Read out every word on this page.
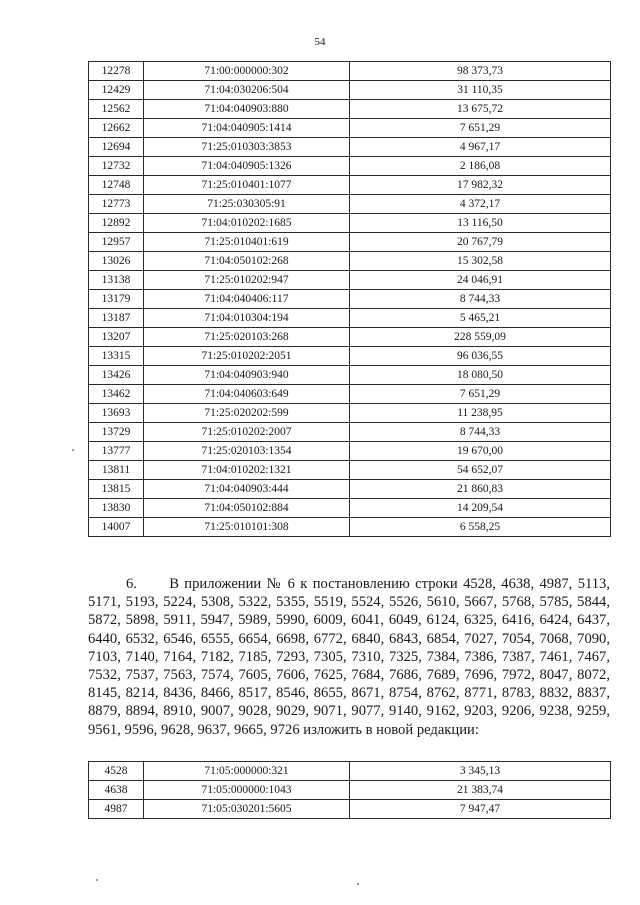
54
12278	71:00:000000:302	98 373,73
12429	71:04:030206:504	31 110,35
12562	71:04:040903:880	13 675,72
12662	71:04:040905:1414	7 651,29
12694	71:25:010303:3853	4 967,17
12732	71:04:040905:1326	2 186,08
12748	71:25:010401:1077	17 982,32
12773	71:25:030305:91	4 372,17
12892	71:04:010202:1685	13 116,50
12957	71:25:010401:619	20 767,79
13026	71:04:050102:268	15 302,58
13138	71:25:010202:947	24 046,91
13179	71:04:040406:117	8 744,33
13187	71:04:010304:194	5 465,21
13207	71:25:020103:268	228 559,09
13315	71:25:010202:2051	96 036,55
13426	71:04:040903:940	18 080,50
13462	71:04:040603:649	7 651,29
13693	71:25:020202:599	11 238,95
13729	71:25:010202:2007	8 744,33
13777	71:25:020103:1354	19 670,00
13811	71:04:010202:1321	54 652,07
13815	71:04:040903:444	21 860,83
13830	71:04:050102:884	14 209,54
14007	71:25:010101:308	6 558,25

6. В приложении № 6 к постановлению строки 4528, 4638, 4987, 5113, 5171, 5193, 5224, 5308, 5322, 5355, 5519, 5524, 5526, 5610, 5667, 5768, 5785, 5844, 5872, 5898, 5911, 5947, 5989, 5990, 6009, 6041, 6049, 6124, 6325, 6416, 6424, 6437, 6440, 6532, 6546, 6555, 6654, 6698, 6772, 6840, 6843, 6854, 7027, 7054, 7068, 7090, 7103, 7140, 7164, 7182, 7185, 7293, 7305, 7310, 7325, 7384, 7386, 7387, 7461, 7467, 7532, 7537, 7563, 7574, 7605, 7606, 7625, 7684, 7686, 7689, 7696, 7972, 8047, 8072, 8145, 8214, 8436, 8466, 8517, 8546, 8655, 8671, 8754, 8762, 8771, 8783, 8832, 8837, 8879, 8894, 8910, 9007, 9028, 9029, 9071, 9077, 9140, 9162, 9203, 9206, 9238, 9259, 9561, 9596, 9628, 9637, 9665, 9726 изложить в новой редакции:

4528	71:05:000000:321	3 345,13
4638	71:05:000000:1043	21 383,74
4987	71:05:030201:5605	7 947,47
